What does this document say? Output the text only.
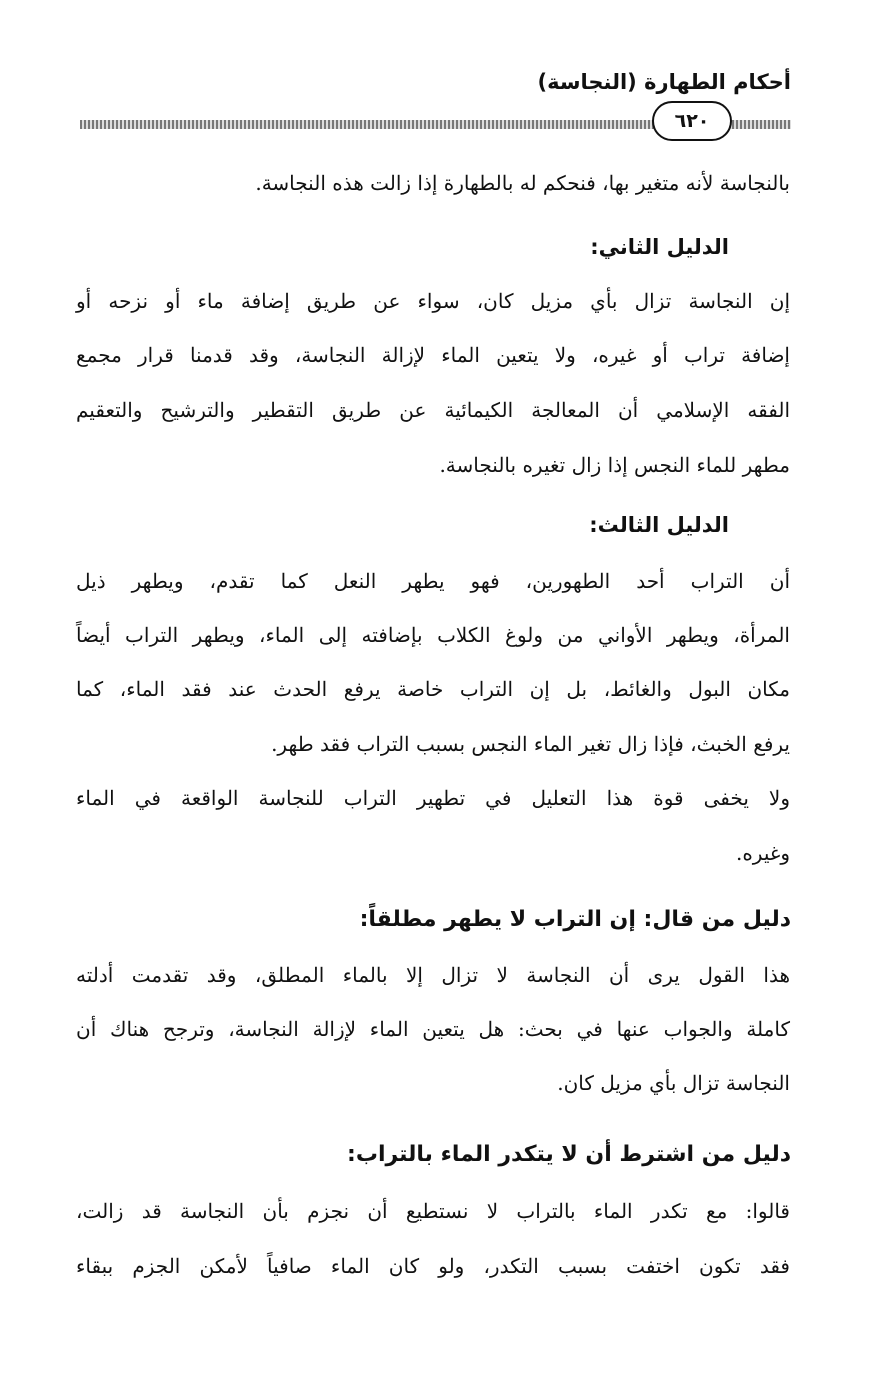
أحكام الطهارة (النجاسة)
٦٢٠
بالنجاسة لأنه متغير بها، فنحكم له بالطهارة إذا زالت هذه النجاسة.
الدليل الثاني:
إن النجاسة تزال بأي مزيل كان، سواء عن طريق إضافة ماء أو نزحه أو
إضافة تراب أو غيره، ولا يتعين الماء لإزالة النجاسة، وقد قدمنا قرار مجمع
الفقه الإسلامي أن المعالجة الكيمائية عن طريق التقطير والترشيح والتعقيم
مطهر للماء النجس إذا زال تغيره بالنجاسة.
الدليل الثالث:
أن التراب أحد الطهورين، فهو يطهر النعل كما تقدم، ويطهر ذيل
المرأة، ويطهر الأواني من ولوغ الكلاب بإضافته إلى الماء، ويطهر التراب أيضاً
مكان البول والغائط، بل إن التراب خاصة يرفع الحدث عند فقد الماء، كما
يرفع الخبث، فإذا زال تغير الماء النجس بسبب التراب فقد طهر.
ولا يخفى قوة هذا التعليل في تطهير التراب للنجاسة الواقعة في الماء
وغيره.
دليل من قال: إن التراب لا يطهر مطلقاً:
هذا القول يرى أن النجاسة لا تزال إلا بالماء المطلق، وقد تقدمت أدلته
كاملة والجواب عنها في بحث: هل يتعين الماء لإزالة النجاسة، وترجح هناك أن
النجاسة تزال بأي مزيل كان.
دليل من اشترط أن لا يتكدر الماء بالتراب:
قالوا: مع تكدر الماء بالتراب لا نستطيع أن نجزم بأن النجاسة قد زالت،
فقد تكون اختفت بسبب التكدر، ولو كان الماء صافياً لأمكن الجزم ببقاء
